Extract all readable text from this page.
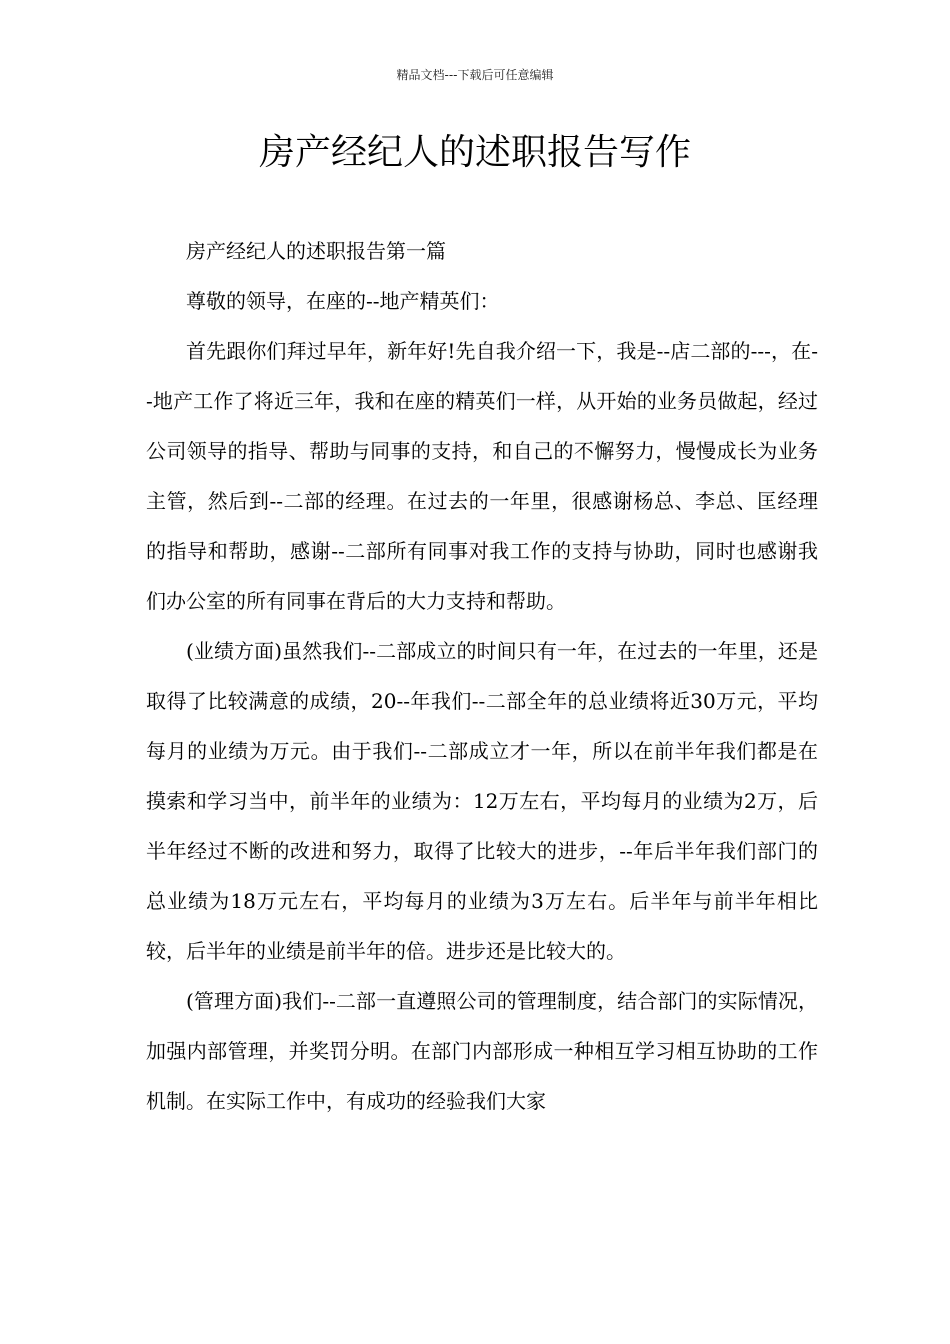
精品文档---下载后可任意编辑
房产经纪人的述职报告写作

房产经纪人的述职报告第一篇

尊敬的领导，在座的--地产精英们：

首先跟你们拜过早年，新年好!先自我介绍一下，我是--店二部的---，在--地产工作了将近三年，我和在座的精英们一样，从开始的业务员做起，经过公司领导的指导、帮助与同事的支持，和自己的不懈努力，慢慢成长为业务主管，然后到--二部的经理。在过去的一年里，很感谢杨总、李总、匡经理的指导和帮助，感谢--二部所有同事对我工作的支持与协助，同时也感谢我们办公室的所有同事在背后的大力支持和帮助。

(业绩方面)虽然我们--二部成立的时间只有一年，在过去的一年里，还是取得了比较满意的成绩，20--年我们--二部全年的总业绩将近30万元，平均每月的业绩为万元。由于我们--二部成立才一年，所以在前半年我们都是在摸索和学习当中，前半年的业绩为：12万左右，平均每月的业绩为2万，后半年经过不断的改进和努力，取得了比较大的进步，--年后半年我们部门的总业绩为18万元左右，平均每月的业绩为3万左右。后半年与前半年相比较，后半年的业绩是前半年的倍。进步还是比较大的。

(管理方面)我们--二部一直遵照公司的管理制度，结合部门的实际情况，加强内部管理，并奖罚分明。在部门内部形成一种相互学习相互协助的工作机制。在实际工作中，有成功的经验我们大家
